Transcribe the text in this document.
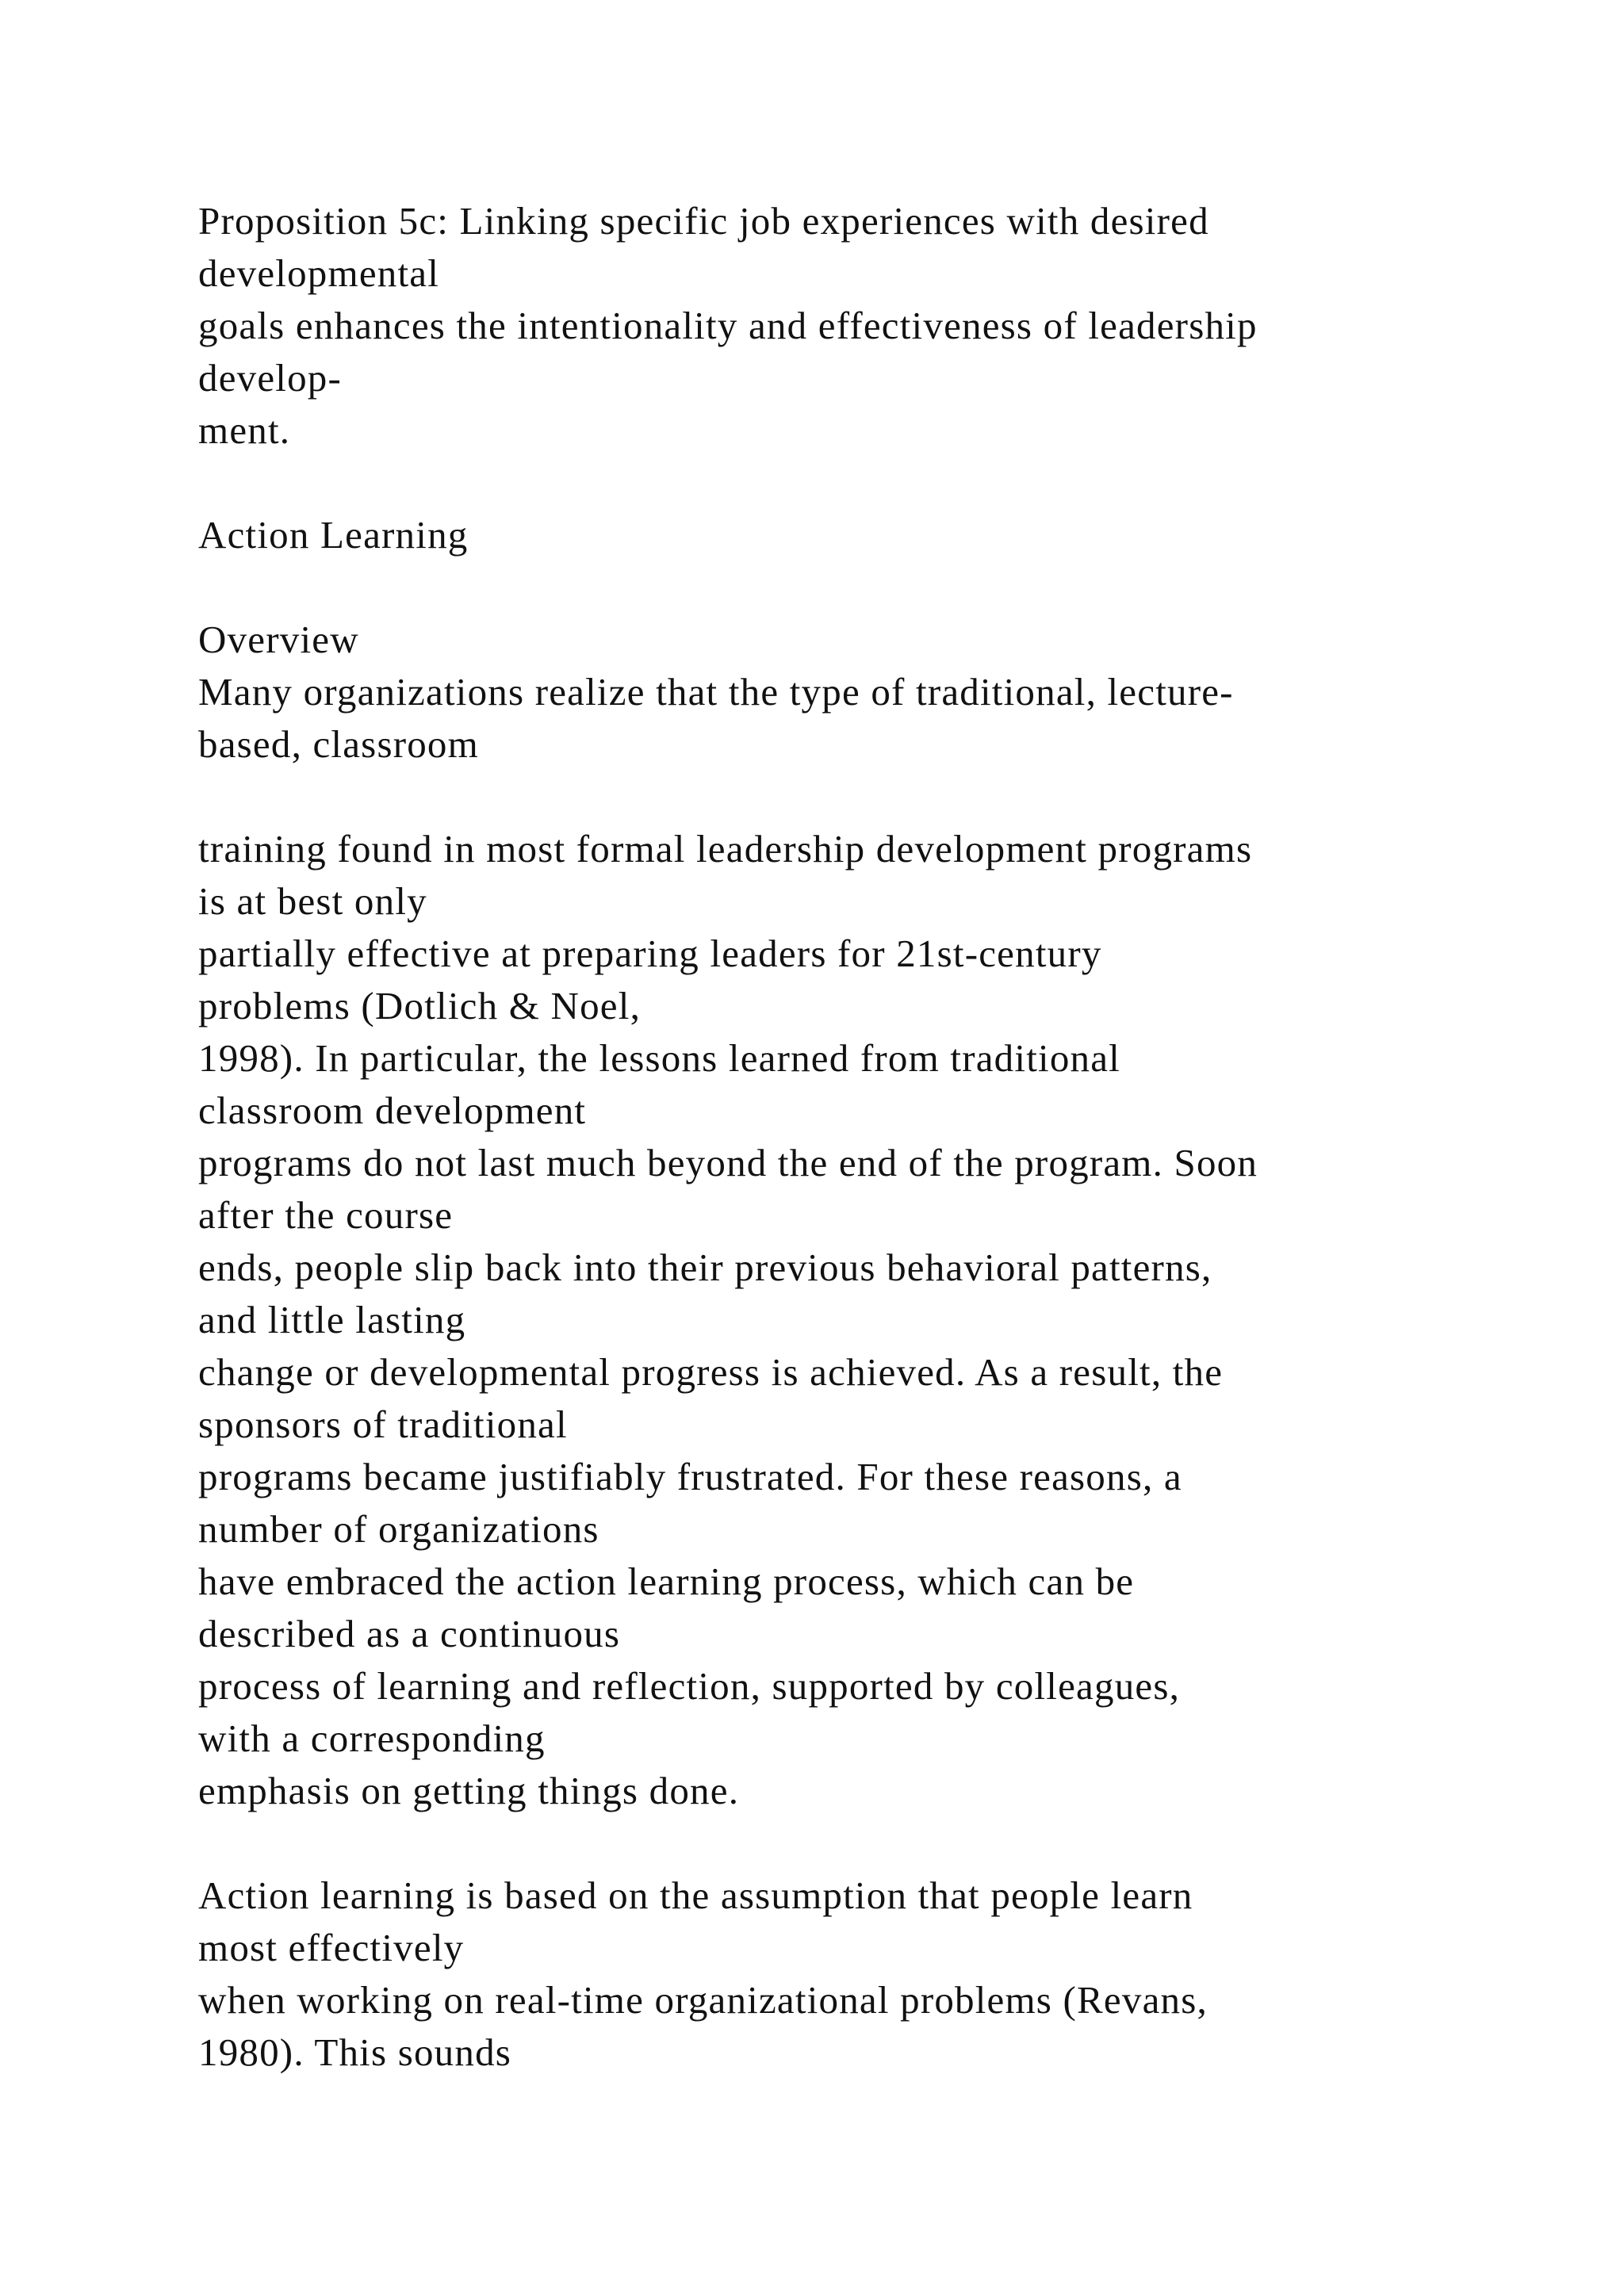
Proposition 5c: Linking specific job experiences with desired
developmental
goals enhances the intentionality and effectiveness of leadership
develop-
ment.
Action Learning
Overview
Many organizations realize that the type of traditional, lecture-
based, classroom
training found in most formal leadership development programs
is at best only
partially effective at preparing leaders for 21st-century
problems (Dotlich & Noel,
1998). In particular, the lessons learned from traditional
classroom development
programs do not last much beyond the end of the program. Soon
after the course
ends, people slip back into their previous behavioral patterns,
and little lasting
change or developmental progress is achieved. As a result, the
sponsors of traditional
programs became justifiably frustrated. For these reasons, a
number of organizations
have embraced the action learning process, which can be
described as a continuous
process of learning and reflection, supported by colleagues,
with a corresponding
emphasis on getting things done.
Action learning is based on the assumption that people learn
most effectively
when working on real-time organizational problems (Revans,
1980). This sounds
